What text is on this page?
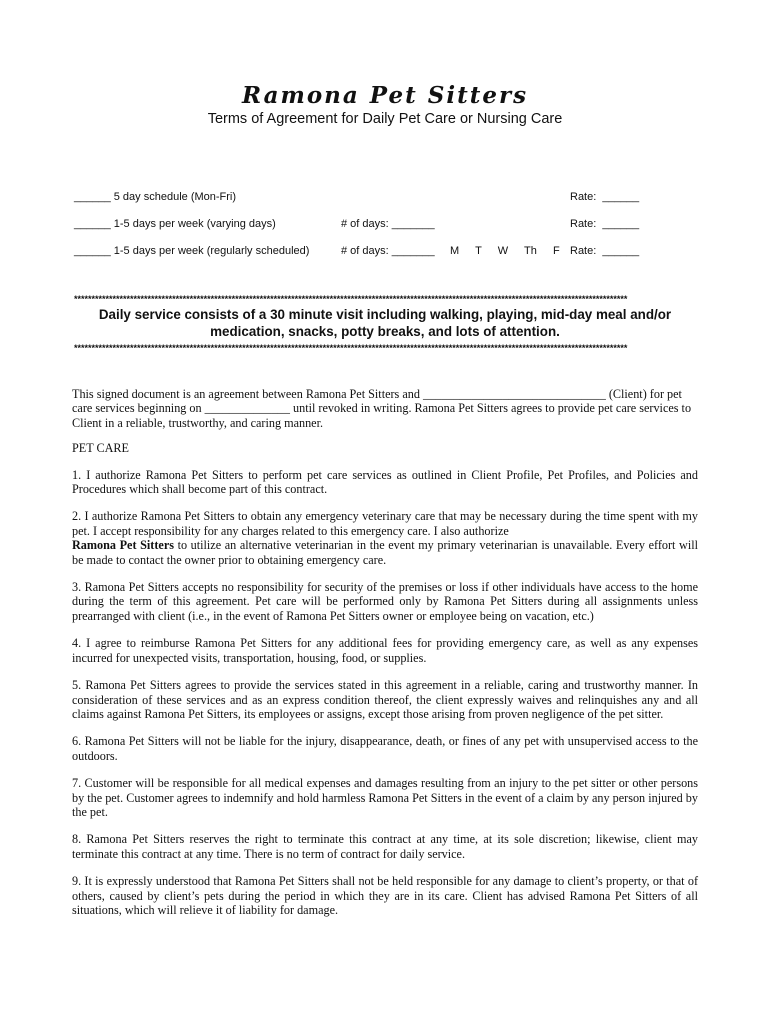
Ramona Pet Sitters
Terms of Agreement for Daily Pet Care or Nursing Care
______ 5 day schedule (Mon-Fri)	Rate:  ______
______ 1-5 days per week (varying days)	# of days: _______	Rate:  ______
______ 1-5 days per week (regularly scheduled)	# of days: _______ M  T  W  Th  F Rate:  ______
**************************************************************************************************************************************************************
Daily service consists of a 30 minute visit including walking, playing, mid-day meal and/or
medication, snacks, potty breaks, and lots of attention.
**************************************************************************************************************************************************************

This signed document is an agreement between Ramona Pet Sitters and ______________________________ (Client) for pet care services beginning on ______________ until revoked in writing. Ramona Pet Sitters agrees to provide pet care services to Client in a reliable, trustworthy, and caring manner.

PET CARE

1. I authorize Ramona Pet Sitters to perform pet care services as outlined in Client Profile, Pet Profiles, and Policies and Procedures which shall become part of this contract.

2. I authorize Ramona Pet Sitters to obtain any emergency veterinary care that may be necessary during the time spent with my pet. I accept responsibility for any charges related to this emergency care. I also authorize
Ramona Pet Sitters to utilize an alternative veterinarian in the event my primary veterinarian is unavailable. Every effort will be made to contact the owner prior to obtaining emergency care.

3. Ramona Pet Sitters accepts no responsibility for security of the premises or loss if other individuals have access to the home during the term of this agreement. Pet care will be performed only by Ramona Pet Sitters during all assignments unless prearranged with client (i.e., in the event of Ramona Pet Sitters owner or employee being on vacation, etc.)

4. I agree to reimburse Ramona Pet Sitters for any additional fees for providing emergency care, as well as any expenses incurred for unexpected visits, transportation, housing, food, or supplies.

5. Ramona Pet Sitters agrees to provide the services stated in this agreement in a reliable, caring and trustworthy manner. In consideration of these services and as an express condition thereof, the client expressly waives and relinquishes any and all claims against Ramona Pet Sitters, its employees or assigns, except those arising from proven negligence of the pet sitter.

6. Ramona Pet Sitters will not be liable for the injury, disappearance, death, or fines of any pet with unsupervised access to the outdoors.

7. Customer will be responsible for all medical expenses and damages resulting from an injury to the pet sitter or other persons by the pet. Customer agrees to indemnify and hold harmless Ramona Pet Sitters in the event of a claim by any person injured by the pet.

8. Ramona Pet Sitters reserves the right to terminate this contract at any time, at its sole discretion; likewise, client may terminate this contract at any time. There is no term of contract for daily service.

9. It is expressly understood that Ramona Pet Sitters shall not be held responsible for any damage to client’s property, or that of others, caused by client’s pets during the period in which they are in its care. Client has advised Ramona Pet Sitters of all situations, which will relieve it of liability for damage.
